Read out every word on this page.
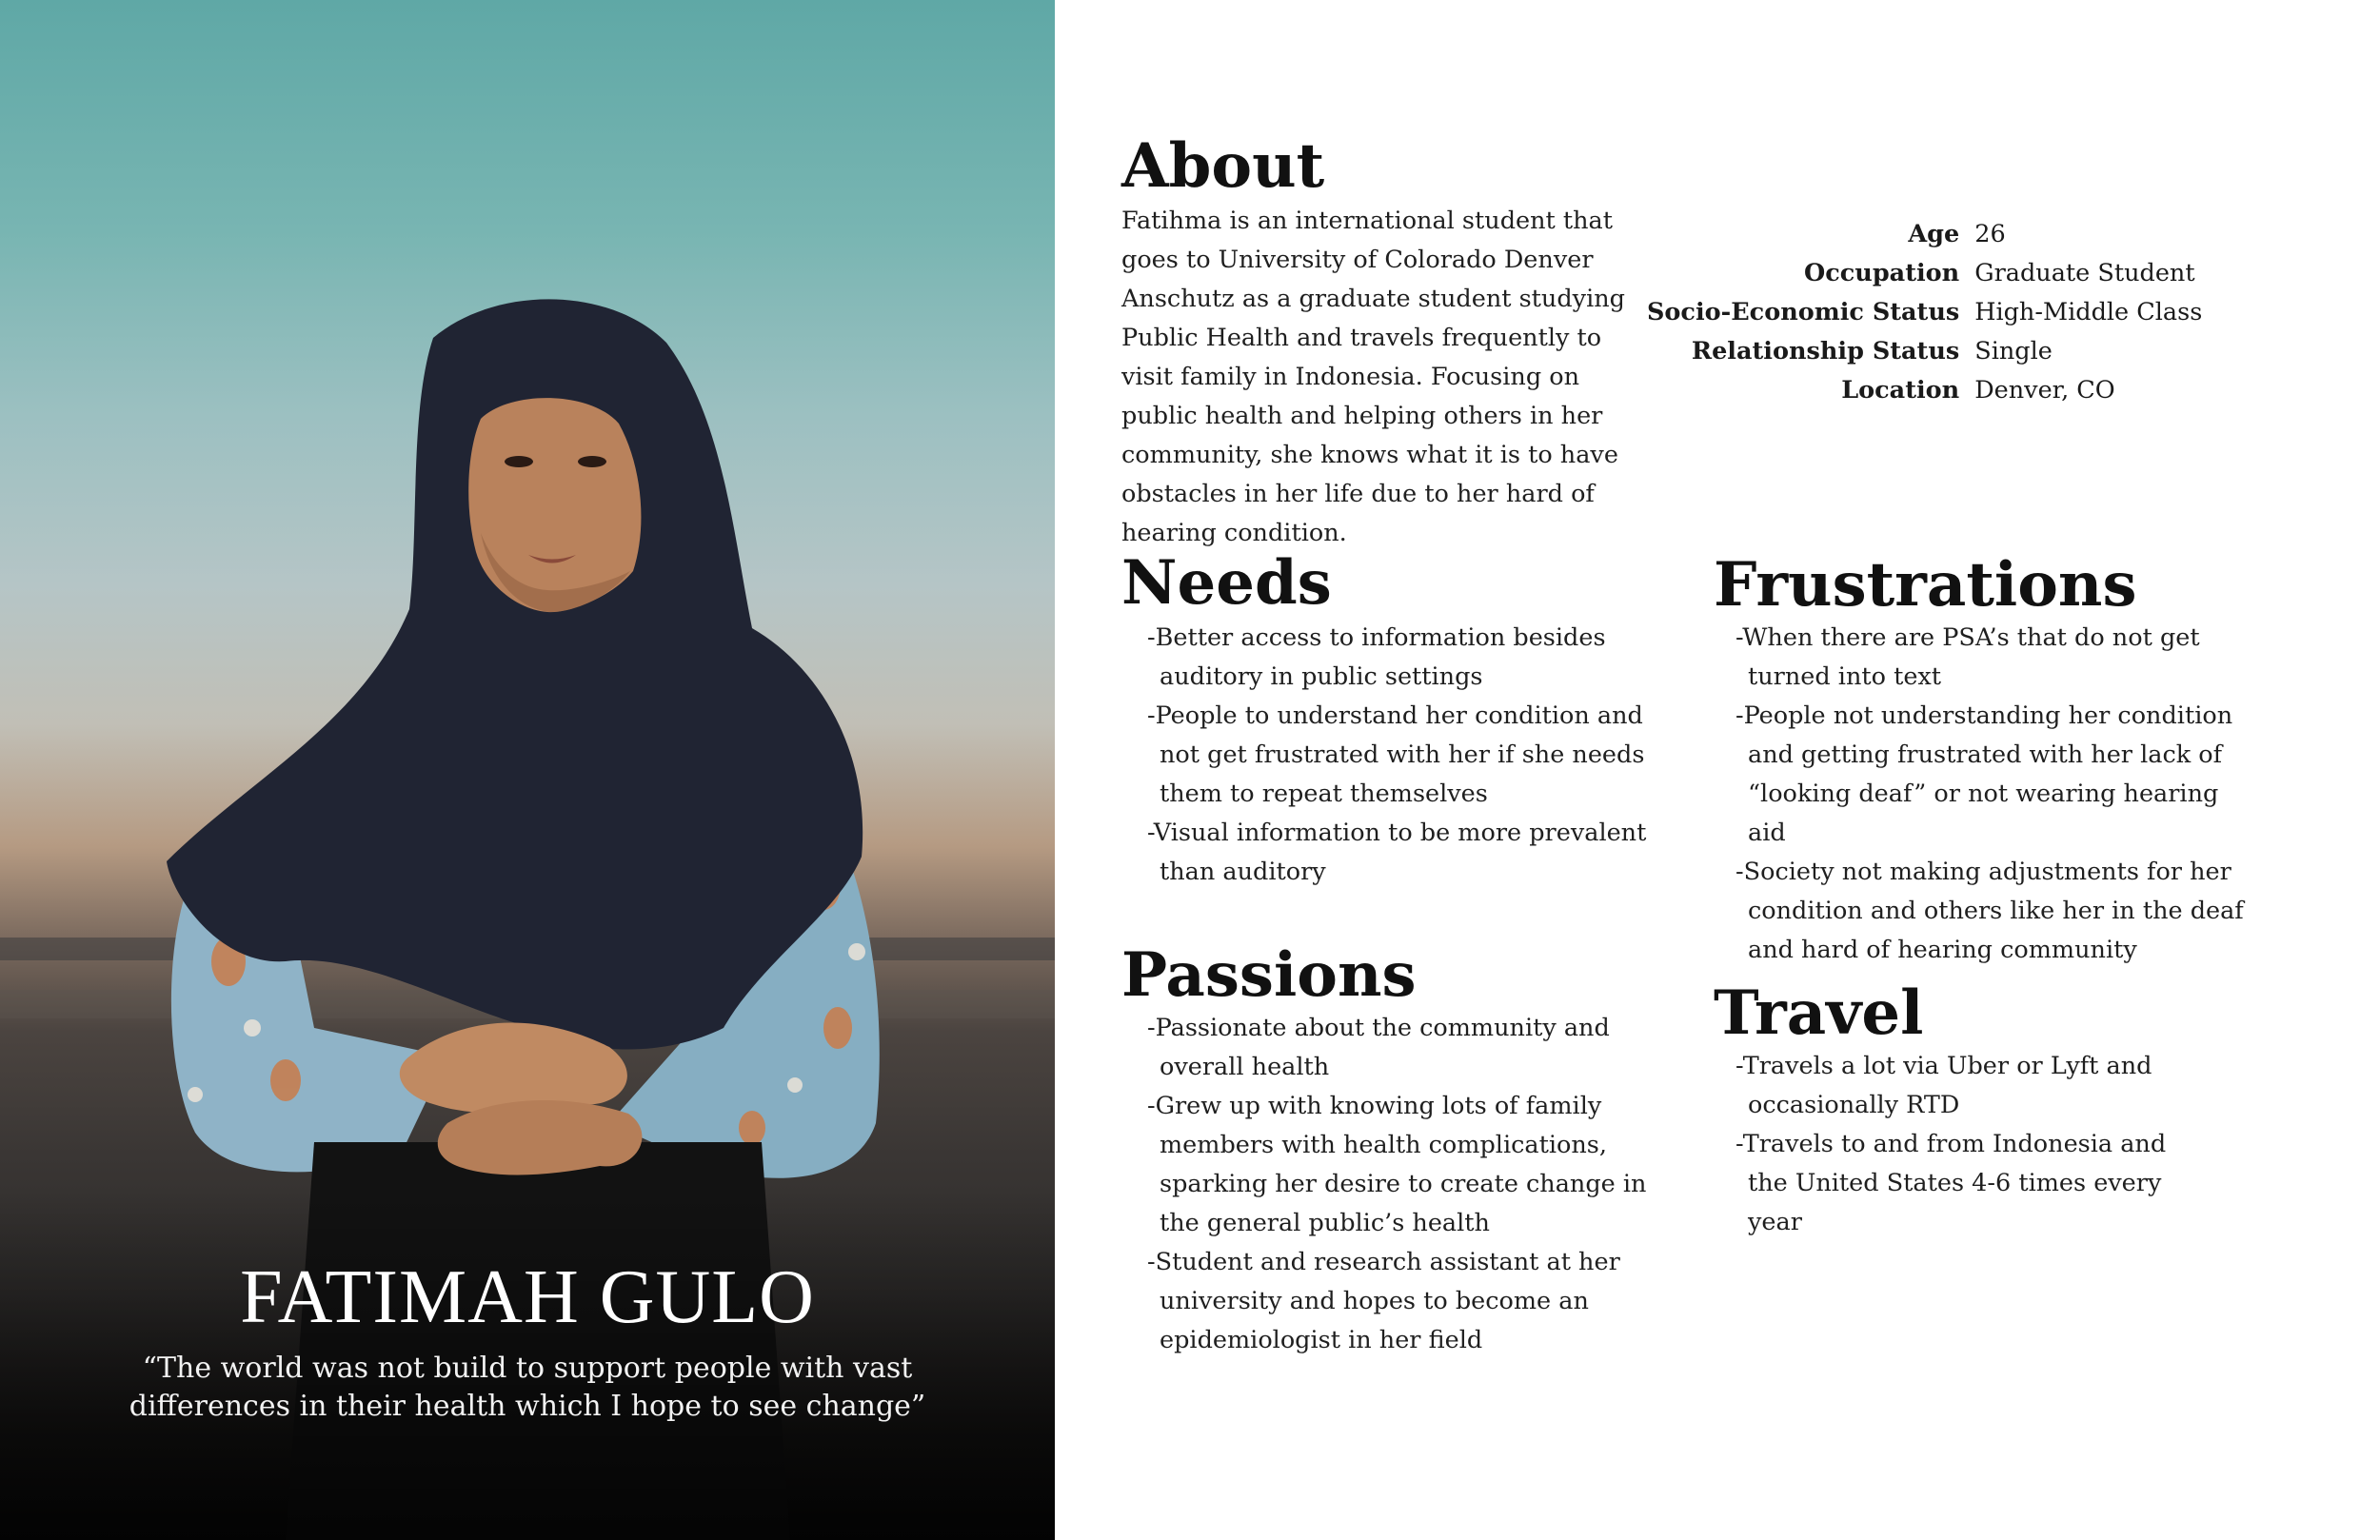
FATIMAH GULO

“The world was not build to support people with vast differences in their health which I hope to see change”

About

Fatihma is an international student that goes to University of Colorado Denver Anschutz as a graduate student studying Public Health and travels frequently to visit family in Indonesia. Focusing on public health and helping others in her community, she knows what it is to have obstacles in her life due to her hard of hearing condition.

Age	26
Occupation	Graduate Student
Socio-Economic Status	High-Middle Class
Relationship Status	Single
Location	Denver, CO
Needs
-Better access to information besides auditory in public settings
-People to understand her condition and not get frustrated with her if she needs them to repeat themselves
-Visual information to be more prevalent than auditory
Frustrations
-When there are PSA’s that do not get turned into text
-People not understanding her condition and getting frustrated with her lack of “looking deaf” or not wearing hearing aid
-Society not making adjustments for her condition and others like her in the deaf and hard of hearing community
Passions
-Passionate about the community and overall health
-Grew up with knowing lots of family members with health complications, sparking her desire to create change in the general public’s health
-Student and research assistant at her university and hopes to become an epidemiologist in her field
Travel
-Travels a lot via Uber or Lyft and occasionally RTD
-Travels to and from Indonesia and the United States 4-6 times every year
